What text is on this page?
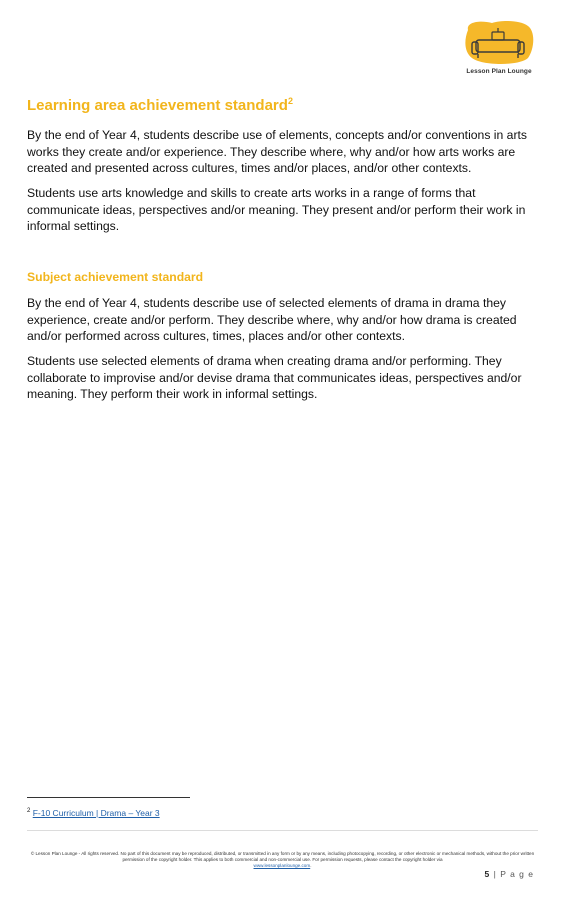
Lesson Plan Lounge
Learning area achievement standard$^2$

By the end of Year 4, students describe use of elements, concepts and/or conventions in arts works they create and/or experience. They describe where, why and/or how arts works are created and presented across cultures, times and/or places, and/or other contexts.

Students use arts knowledge and skills to create arts works in a range of forms that communicate ideas, perspectives and/or meaning. They present and/or perform their work in informal settings.

Subject achievement standard

By the end of Year 4, students describe use of selected elements of drama in drama they experience, create and/or perform. They describe where, why and/or how drama is created and/or performed across cultures, times, places and/or other contexts.

Students use selected elements of drama when creating drama and/or performing. They collaborate to improvise and/or devise drama that communicates ideas, perspectives and/or meaning. They perform their work in informal settings.

$^2$ F-10 Curriculum | Drama – Year 3
© Lesson Plan Lounge - All rights reserved. No part of this document may be reproduced, distributed, or transmitted in any form or by any means, including photocopying, recording, or other electronic or mechanical methods, without the prior written permission of the copyright holder. This applies to both commercial and non-commercial use. For permission requests, please contact the copyright holder via
www.lessonplanlounge.com.
5 | P a g e
